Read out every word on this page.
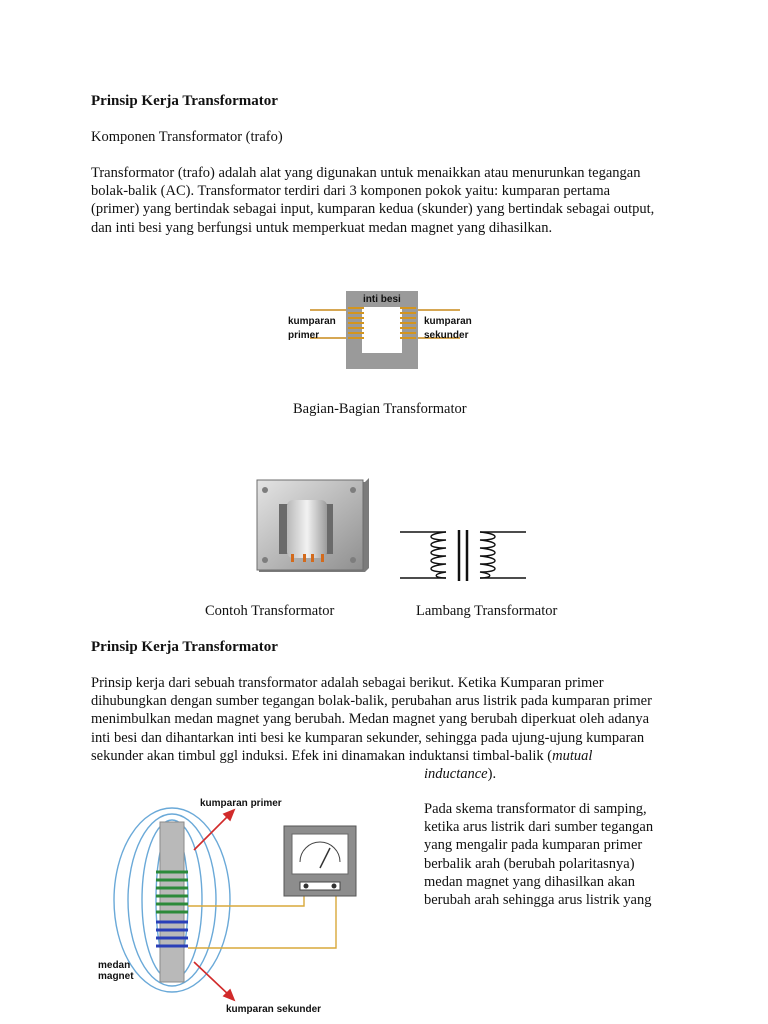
Prinsip Kerja Transformator
Komponen Transformator (trafo)
Transformator (trafo) adalah alat yang digunakan untuk menaikkan atau menurunkan tegangan
bolak-balik (AC). Transformator terdiri dari 3 komponen pokok yaitu: kumparan pertama
(primer) yang bertindak sebagai input, kumparan kedua (skunder) yang bertindak sebagai output,
dan inti besi yang berfungsi untuk memperkuat medan magnet yang dihasilkan.
inti besi
kumparan
primer
kumparan
sekunder
Bagian-Bagian Transformator
Contoh Transformator	Lambang Transformator
Prinsip Kerja Transformator
Prinsip kerja dari sebuah transformator adalah sebagai berikut. Ketika Kumparan primer
dihubungkan dengan sumber tegangan bolak-balik, perubahan arus listrik pada kumparan primer
menimbulkan medan magnet yang berubah. Medan magnet yang berubah diperkuat oleh adanya
inti besi dan dihantarkan inti besi ke kumparan sekunder, sehingga pada ujung-ujung kumparan
sekunder akan timbul ggl induksi. Efek ini dinamakan induktansi timbal-balik (mutual
inductance).
kumparan primer
kumparan sekunder
medan
magnet
Pada skema transformator di samping,
ketika arus listrik dari sumber tegangan
yang mengalir pada kumparan primer
berbalik arah (berubah polaritasnya)
medan magnet yang dihasilkan akan
berubah arah sehingga arus listrik yang
